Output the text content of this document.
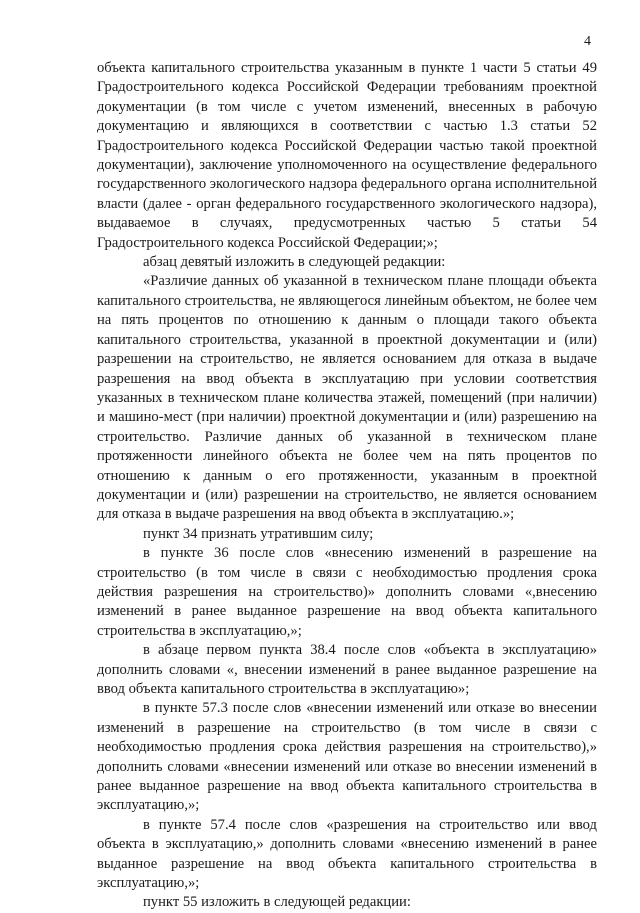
4

объекта капитального строительства указанным в пункте 1 части 5 статьи 49 Градостроительного кодекса Российской Федерации требованиям проектной документации (в том числе с учетом изменений, внесенных в рабочую документацию и являющихся в соответствии с частью 1.3 статьи 52 Градостроительного кодекса Российской Федерации частью такой проектной документации), заключение уполномоченного на осуществление федерального государственного экологического надзора федерального органа исполнительной власти (далее - орган федерального государственного экологического надзора), выдаваемое в случаях, предусмотренных частью 5 статьи 54 Градостроительного кодекса Российской Федерации;»;

абзац девятый изложить в следующей редакции:

«Различие данных об указанной в техническом плане площади объекта капитального строительства, не являющегося линейным объектом, не более чем на пять процентов по отношению к данным о площади такого объекта капитального строительства, указанной в проектной документации и (или) разрешении на строительство, не является основанием для отказа в выдаче разрешения на ввод объекта в эксплуатацию при условии соответствия указанных в техническом плане количества этажей, помещений (при наличии) и машино-мест (при наличии) проектной документации и (или) разрешению на строительство. Различие данных об указанной в техническом плане протяженности линейного объекта не более чем на пять процентов по отношению к данным о его протяженности, указанным в проектной документации и (или) разрешении на строительство, не является основанием для отказа в выдаче разрешения на ввод объекта в эксплуатацию.»;

пункт 34 признать утратившим силу;

в пункте 36 после слов «внесению изменений в разрешение на строительство (в том числе в связи с необходимостью продления срока действия разрешения на строительство)» дополнить словами «,внесению изменений в ранее выданное разрешение на ввод объекта капитального строительства в эксплуатацию,»;

в абзаце первом пункта 38.4 после слов «объекта в эксплуатацию» дополнить словами «, внесении изменений в ранее выданное разрешение на ввод объекта капитального строительства в эксплуатацию»;

в пункте 57.3 после слов «внесении изменений или отказе во внесении изменений в разрешение на строительство (в том числе в связи с необходимостью продления срока действия разрешения на строительство),» дополнить словами «внесении изменений или отказе во внесении изменений в ранее выданное разрешение на ввод объекта капитального строительства в эксплуатацию,»;

в пункте 57.4 после слов «разрешения на строительство или ввод объекта в эксплуатацию,» дополнить словами «внесению изменений в ранее выданное разрешение на ввод объекта капитального строительства в эксплуатацию,»;

пункт 55 изложить в следующей редакции:
